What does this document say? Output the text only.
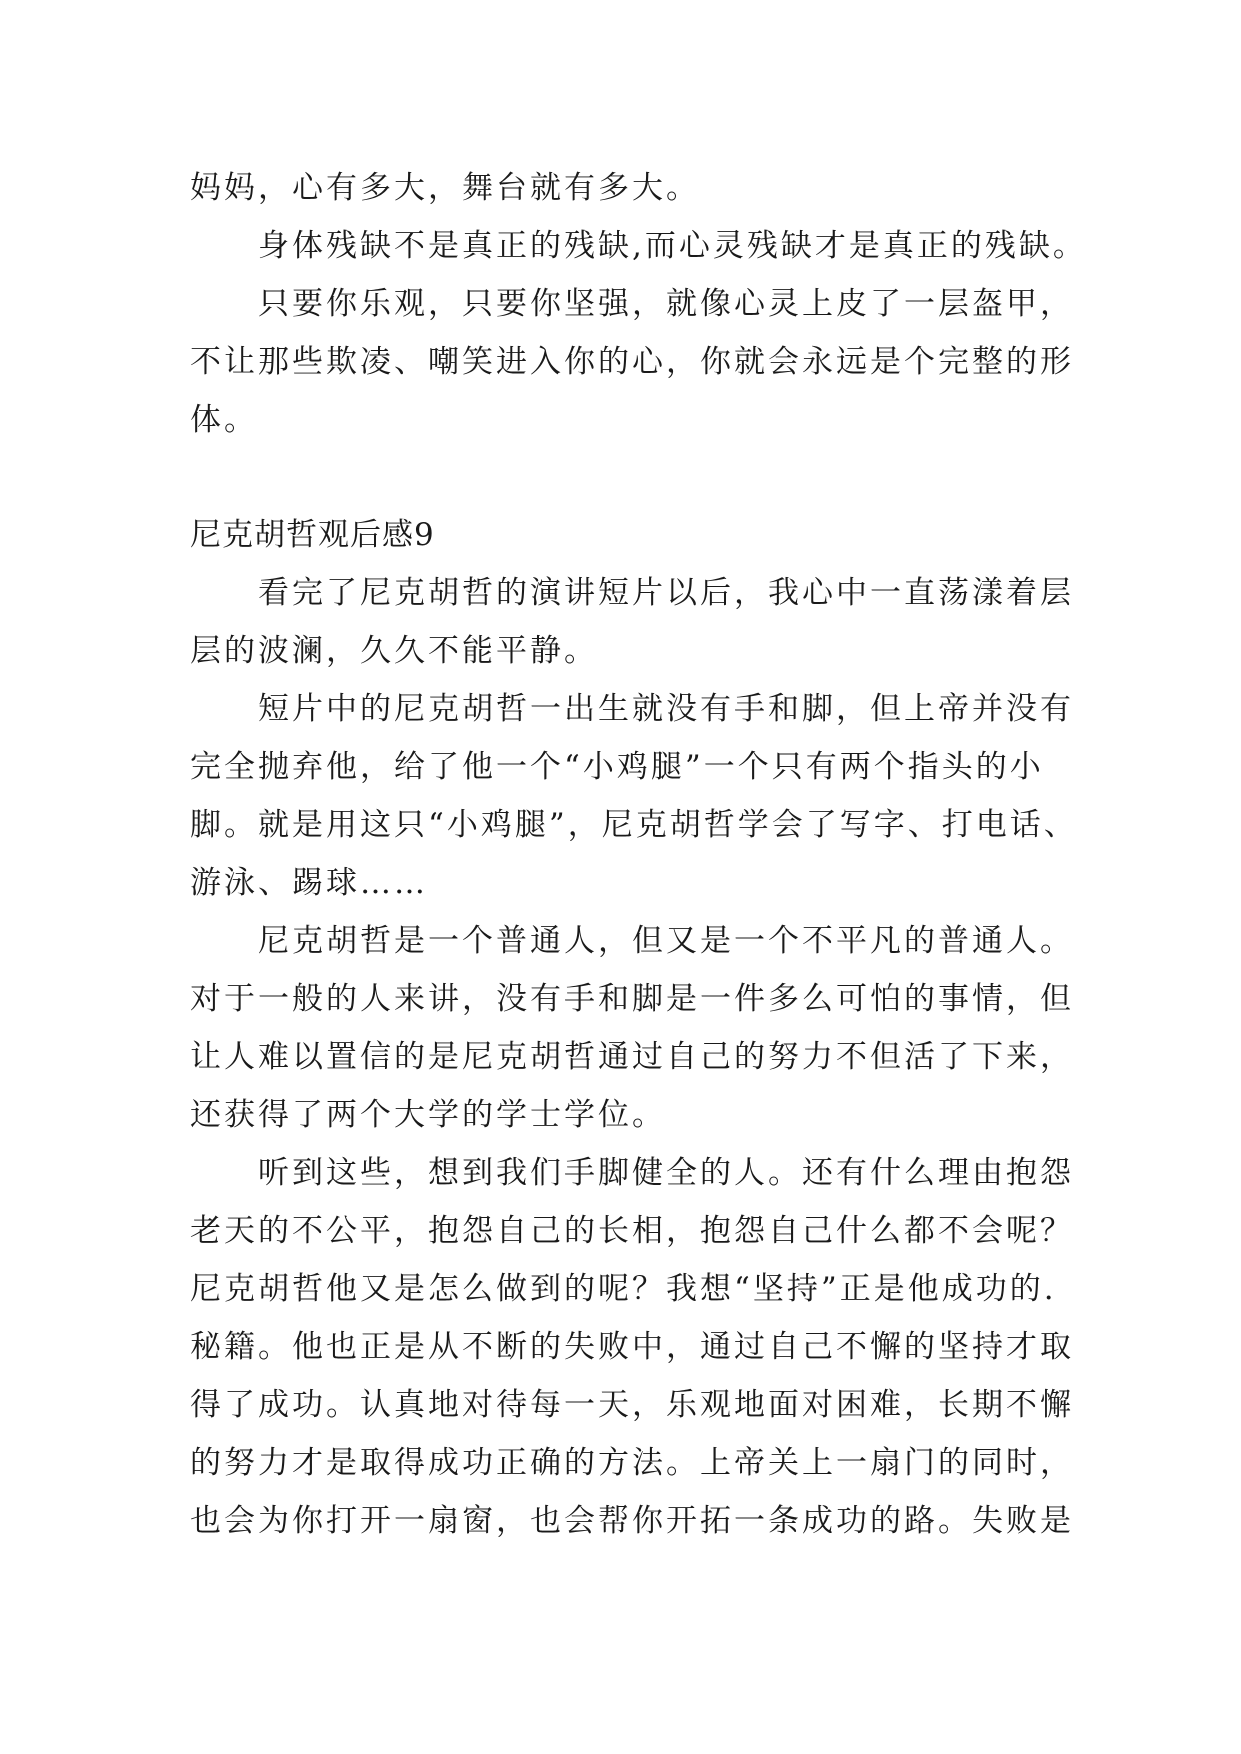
妈妈，心有多大，舞台就有多大。
身体残缺不是真正的残缺,而心灵残缺才是真正的残缺。
只要你乐观，只要你坚强，就像心灵上皮了一层盔甲，
不让那些欺凌、嘲笑进入你的心，你就会永远是个完整的形
体。
尼克胡哲观后感9
看完了尼克胡哲的演讲短片以后，我心中一直荡漾着层
层的波澜，久久不能平静。
短片中的尼克胡哲一出生就没有手和脚，但上帝并没有
完全抛弃他，给了他一个“小鸡腿”一个只有两个指头的小
脚。就是用这只“小鸡腿”，尼克胡哲学会了写字、打电话、
游泳、踢球……
尼克胡哲是一个普通人，但又是一个不平凡的普通人。
对于一般的人来讲，没有手和脚是一件多么可怕的事情，但
让人难以置信的是尼克胡哲通过自己的努力不但活了下来，
还获得了两个大学的学士学位。
听到这些，想到我们手脚健全的人。还有什么理由抱怨
老天的不公平，抱怨自己的长相，抱怨自己什么都不会呢？
尼克胡哲他又是怎么做到的呢？我想“坚持”正是他成功的.
秘籍。他也正是从不断的失败中，通过自己不懈的坚持才取
得了成功。认真地对待每一天，乐观地面对困难，长期不懈
的努力才是取得成功正确的方法。上帝关上一扇门的同时，
也会为你打开一扇窗，也会帮你开拓一条成功的路。失败是
